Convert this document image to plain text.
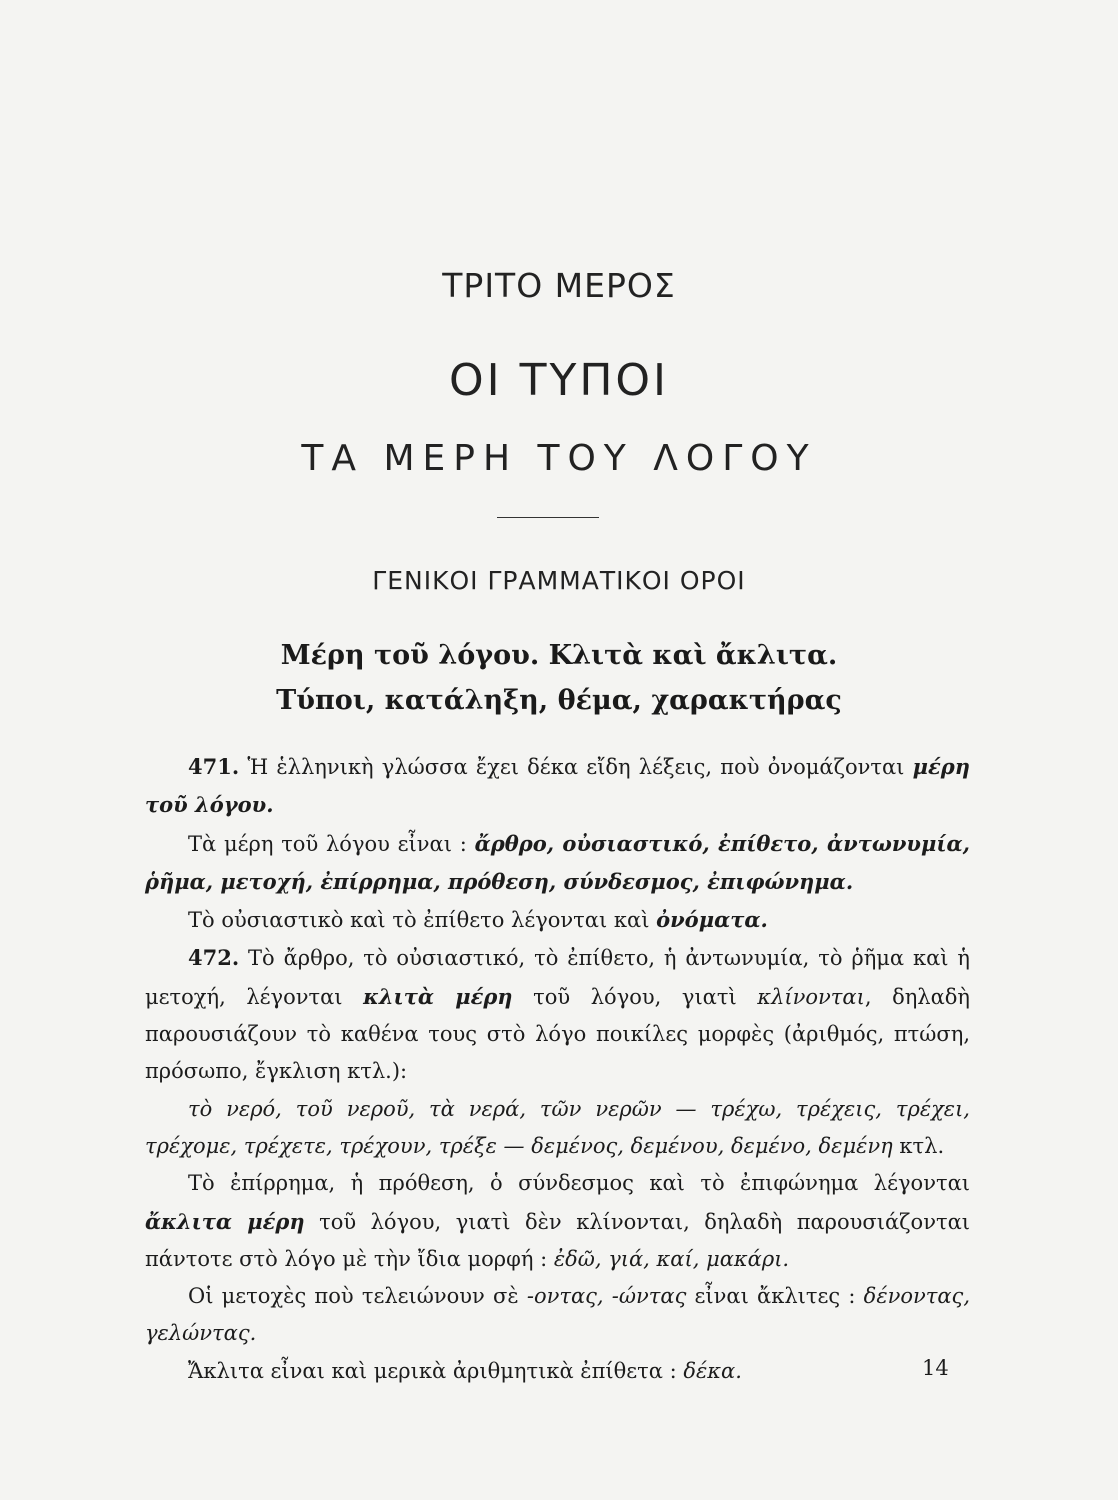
ΤΡΙΤΟ ΜΕΡΟΣ
ΟΙ ΤΥΠΟΙ
ΤΑ ΜΕΡΗ ΤΟΥ ΛΟΓΟΥ
ΓΕΝΙΚΟΙ ΓΡΑΜΜΑΤΙΚΟΙ ΟΡΟΙ
Μέρη τοῦ λόγου. Κλιτὰ καὶ ἄκλιτα.
Τύποι, κατάληξη, θέμα, χαρακτήρας

471. Ἡ ἑλληνικὴ γλώσσα ἔχει δέκα εἴδη λέξεις, ποὺ ὀνομάζονται μέρη τοῦ λόγου.

Τὰ μέρη τοῦ λόγου εἶναι : ἄρθρο, οὐσιαστικό, ἐπίθετο, ἀντωνυμία, ῥῆμα, μετοχή, ἐπίρρημα, πρόθεση, σύνδεσμος, ἐπιφώνημα.

Τὸ οὐσιαστικὸ καὶ τὸ ἐπίθετο λέγονται καὶ ὀνόματα.

472. Τὸ ἄρθρο, τὸ οὐσιαστικό, τὸ ἐπίθετο, ἡ ἀντωνυμία, τὸ ῥῆμα καὶ ἡ μετοχή, λέγονται κλιτὰ μέρη τοῦ λόγου, γιατὶ κλίνονται, δηλαδὴ παρουσιάζουν τὸ καθένα τους στὸ λόγο ποικίλες μορφὲς (ἀριθμός, πτώση, πρόσωπο, ἔγκλιση κτλ.):

τὸ νερό, τοῦ νεροῦ, τὰ νερά, τῶν νερῶν — τρέχω, τρέχεις, τρέχει, τρέχομε, τρέχετε, τρέχουν, τρέξε — δεμένος, δεμένου, δεμένο, δεμένη κτλ.

Τὸ ἐπίρρημα, ἡ πρόθεση, ὁ σύνδεσμος καὶ τὸ ἐπιφώνημα λέγονται ἄκλιτα μέρη τοῦ λόγου, γιατὶ δὲν κλίνονται, δηλαδὴ παρουσιάζονται πάντοτε στὸ λόγο μὲ τὴν ἴδια μορφή : ἐδῶ, γιά, καί, μακάρι.

Οἱ μετοχὲς ποὺ τελειώνουν σὲ -οντας, -ώντας εἶναι ἄκλιτες : δένοντας, γελώντας.

Ἄκλιτα εἶναι καὶ μερικὰ ἀριθμητικὰ ἐπίθετα : δέκα.	14
